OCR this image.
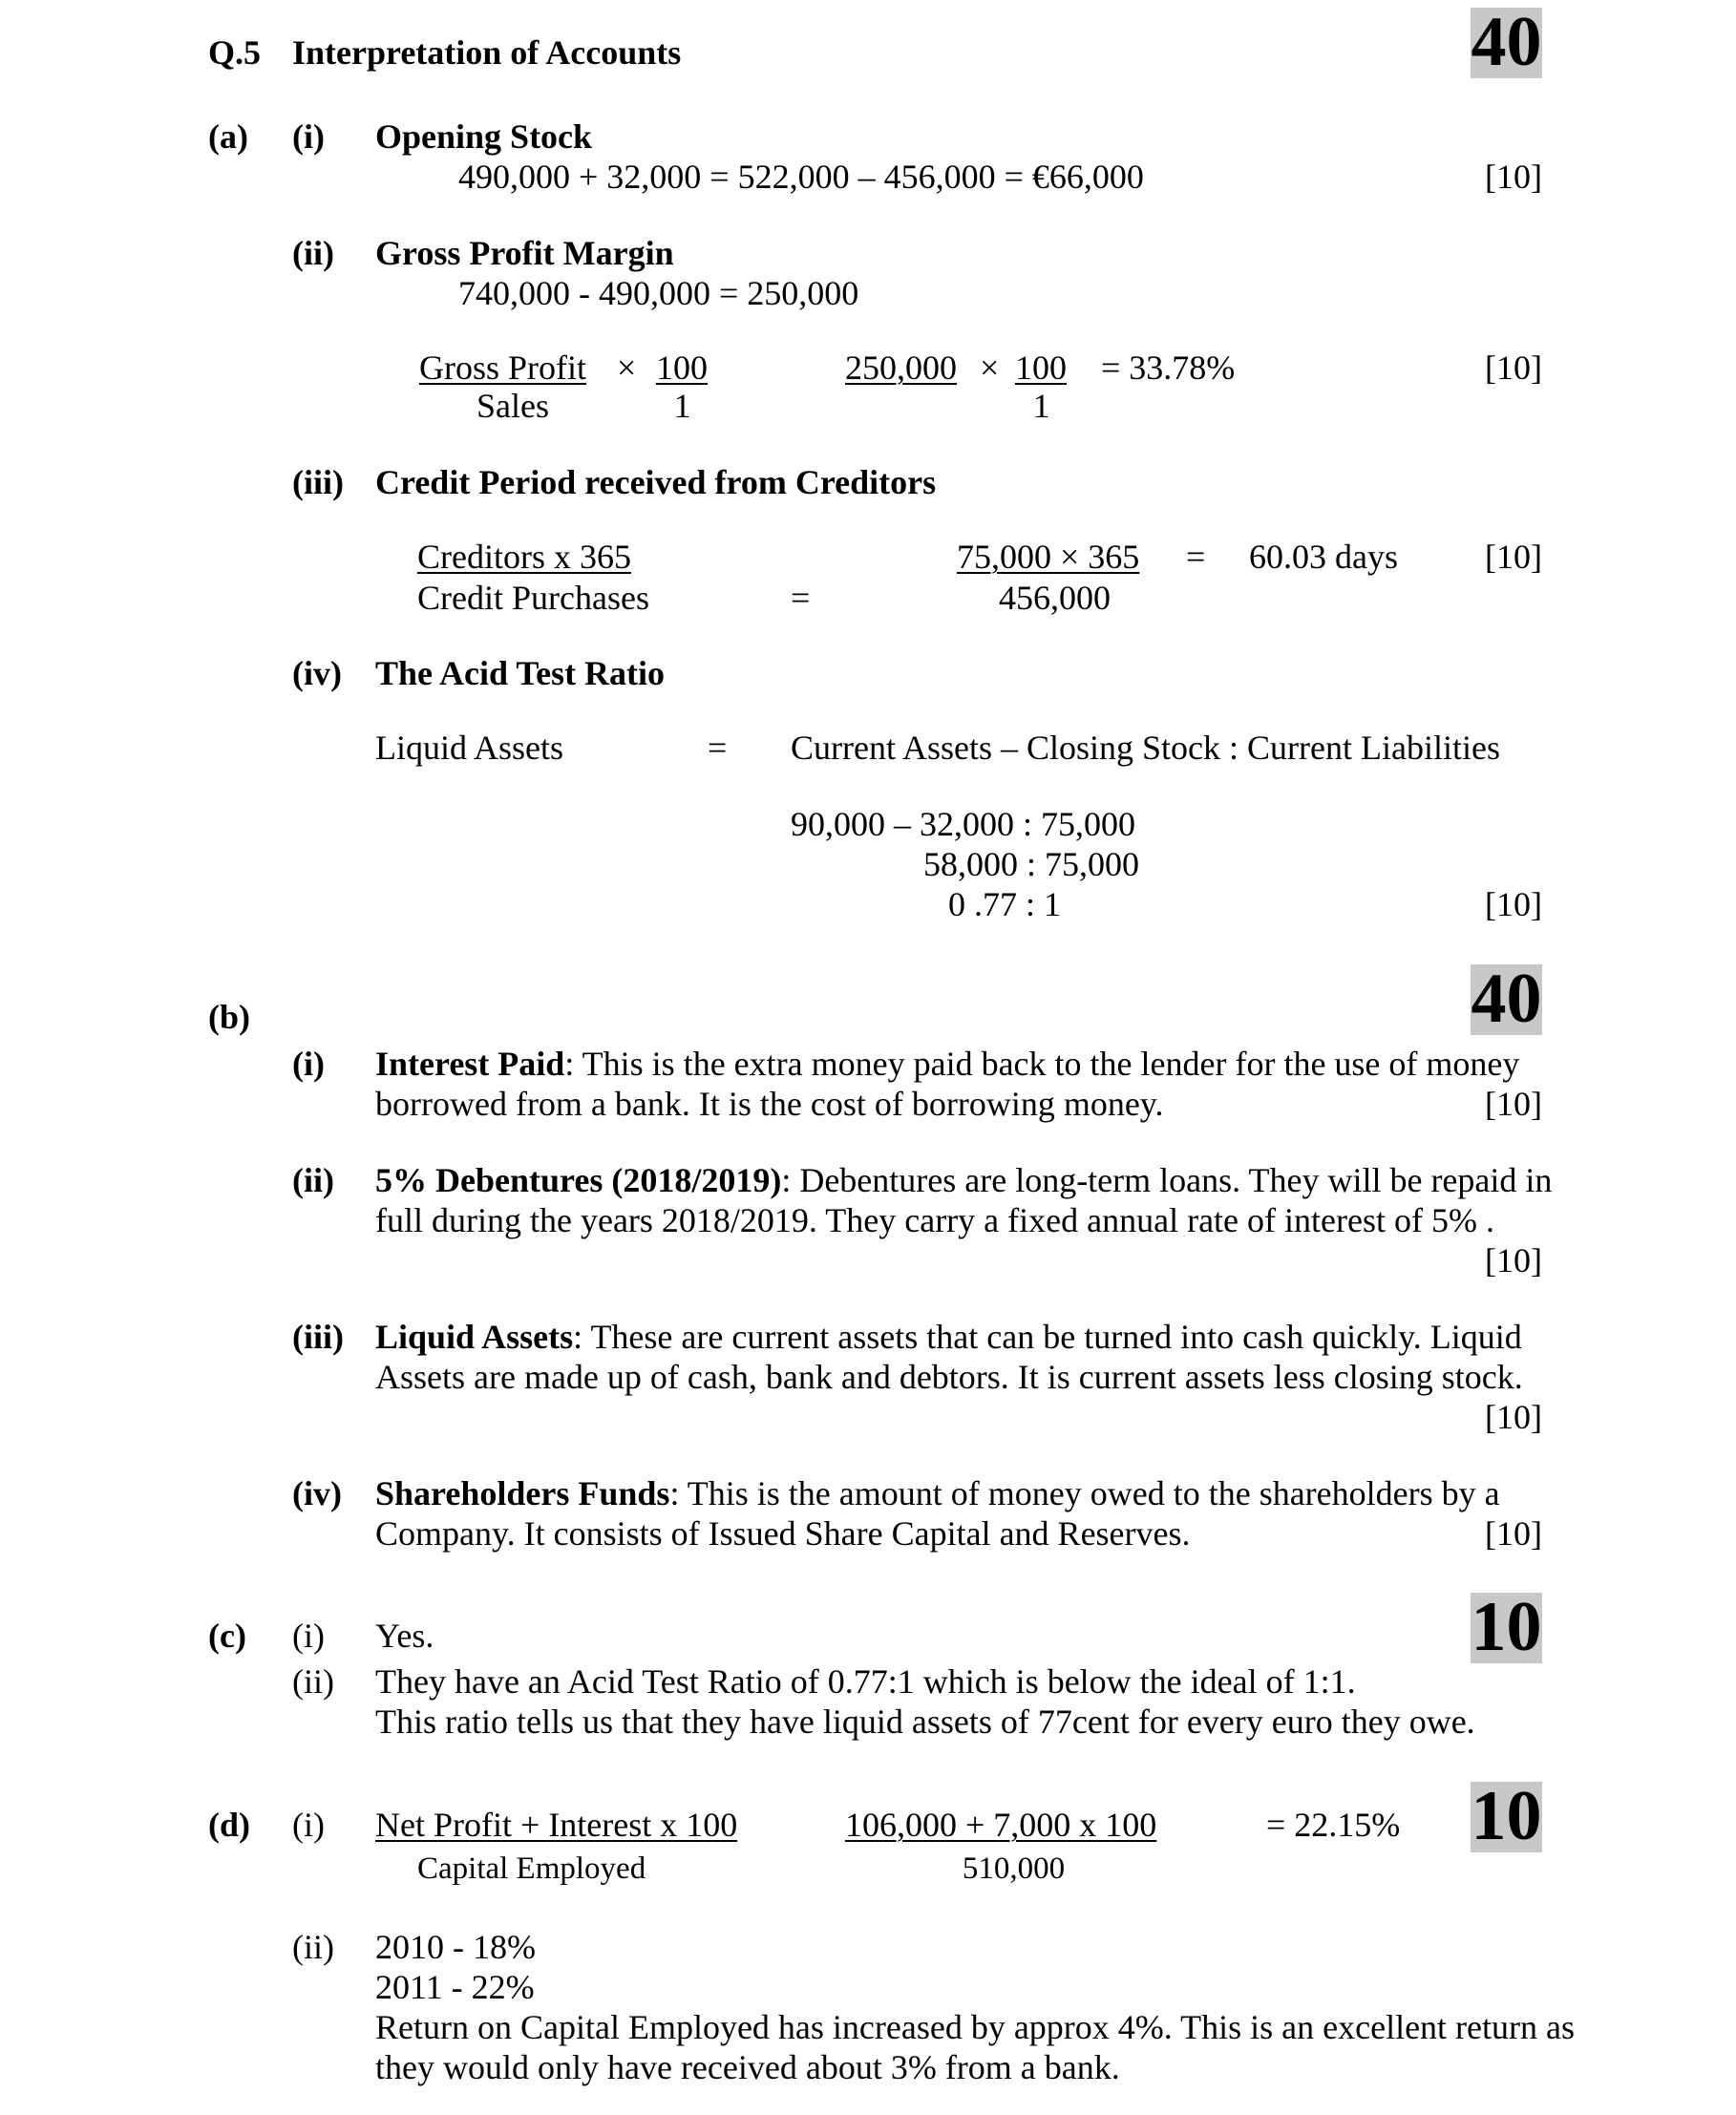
Q.5 Interpretation of Accounts	40
(a) (i) Opening Stock
490,000 + 32,000 = 522,000 – 456,000 = €66,000	[10]
(ii) Gross Profit Margin
740,000 - 490,000 = 250,000
Gross Profit
Sales
× 100
1
250,000 × 100
1
= 33.78%	[10]
(iii) Credit Period received from Creditors
Creditors x 365
Credit Purchases	=
75,000 × 365
456,000
= 60.03 days	[10]
(iv) The Acid Test Ratio
Liquid Assets	= Current Assets – Closing Stock : Current Liabilities
90,000 – 32,000 : 75,000
58,000 : 75,000
0 .77 : 1	[10]
40
(b)
(i) Interest Paid: This is the extra money paid back to the lender for the use of money
borrowed from a bank. It is the cost of borrowing money.	[10]
(ii) 5% Debentures (2018/2019): Debentures are long-term loans. They will be repaid in
full during the years 2018/2019. They carry a fixed annual rate of interest of 5% .
[10]
(iii) Liquid Assets: These are current assets that can be turned into cash quickly. Liquid
Assets are made up of cash, bank and debtors. It is current assets less closing stock.
[10]
(iv) Shareholders Funds: This is the amount of money owed to the shareholders by a
Company. It consists of Issued Share Capital and Reserves.	[10]
10
(c) (i) Yes.
(ii) They have an Acid Test Ratio of 0.77:1 which is below the ideal of 1:1.
This ratio tells us that they have liquid assets of 77cent for every euro they owe.
10
(d) (i) Net Profit + Interest x 100
Capital Employed
106,000 + 7,000 x 100
510,000
= 22.15%
(ii) 2010 - 18%
2011 - 22%
Return on Capital Employed has increased by approx 4%. This is an excellent return as
they would only have received about 3% from a bank.
